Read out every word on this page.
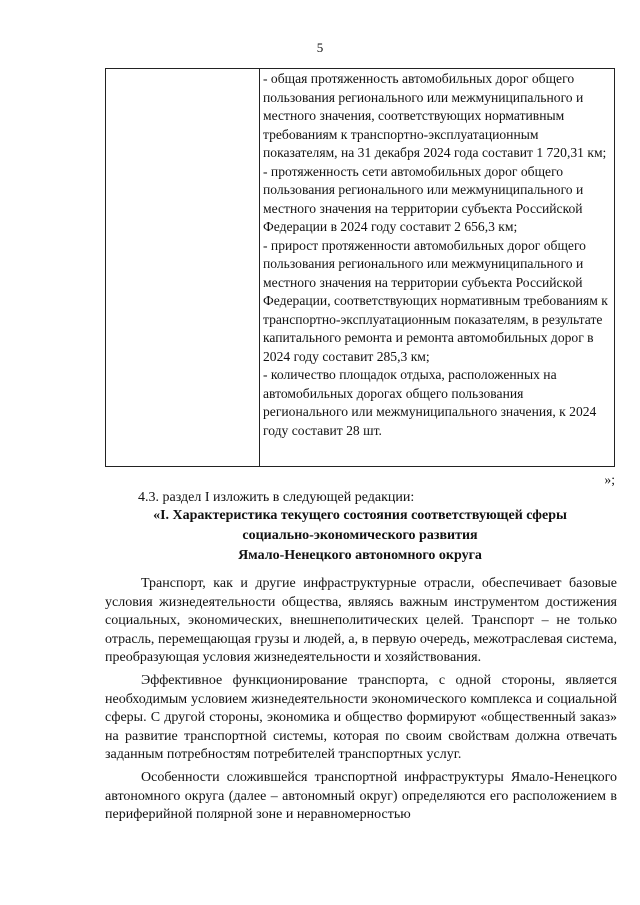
5

- общая протяженность автомобильных дорог общего пользования регионального или межмуниципального и местного значения, соответствующих нормативным требованиям к транспортно-эксплуатационным показателям, на 31 декабря 2024 года составит 1 720,31 км;

- протяженность сети автомобильных дорог общего пользования регионального или межмуниципального и местного значения на территории субъекта Российской Федерации в 2024 году составит 2 656,3 км;

- прирост протяженности автомобильных дорог общего пользования регионального или межмуниципального и местного значения на территории субъекта Российской Федерации, соответствующих нормативным требованиям к транспортно-эксплуатационным показателям, в результате капитального ремонта и ремонта автомобильных дорог в 2024 году составит 285,3 км;

- количество площадок отдыха, расположенных на автомобильных дорогах общего пользования регионального или межмуниципального значения, к 2024 году составит 28 шт.

»;
4.3. раздел I изложить в следующей редакции:
«I. Характеристика текущего состояния соответствующей сферы
социально-экономического развития
Ямало-Ненецкого автономного округа

Транспорт, как и другие инфраструктурные отрасли, обеспечивает базовые условия жизнедеятельности общества, являясь важным инструментом достижения социальных, экономических, внешнеполитических целей. Транспорт – не только отрасль, перемещающая грузы и людей, а, в первую очередь, межотраслевая система, преобразующая условия жизнедеятельности и хозяйствования.

Эффективное функционирование транспорта, с одной стороны, является необходимым условием жизнедеятельности экономического комплекса и социальной сферы. С другой стороны, экономика и общество формируют «общественный заказ» на развитие транспортной системы, которая по своим свойствам должна отвечать заданным потребностям потребителей транспортных услуг.

Особенности сложившейся транспортной инфраструктуры Ямало-Ненецкого автономного округа (далее – автономный округ) определяются его расположением в периферийной полярной зоне и неравномерностью
